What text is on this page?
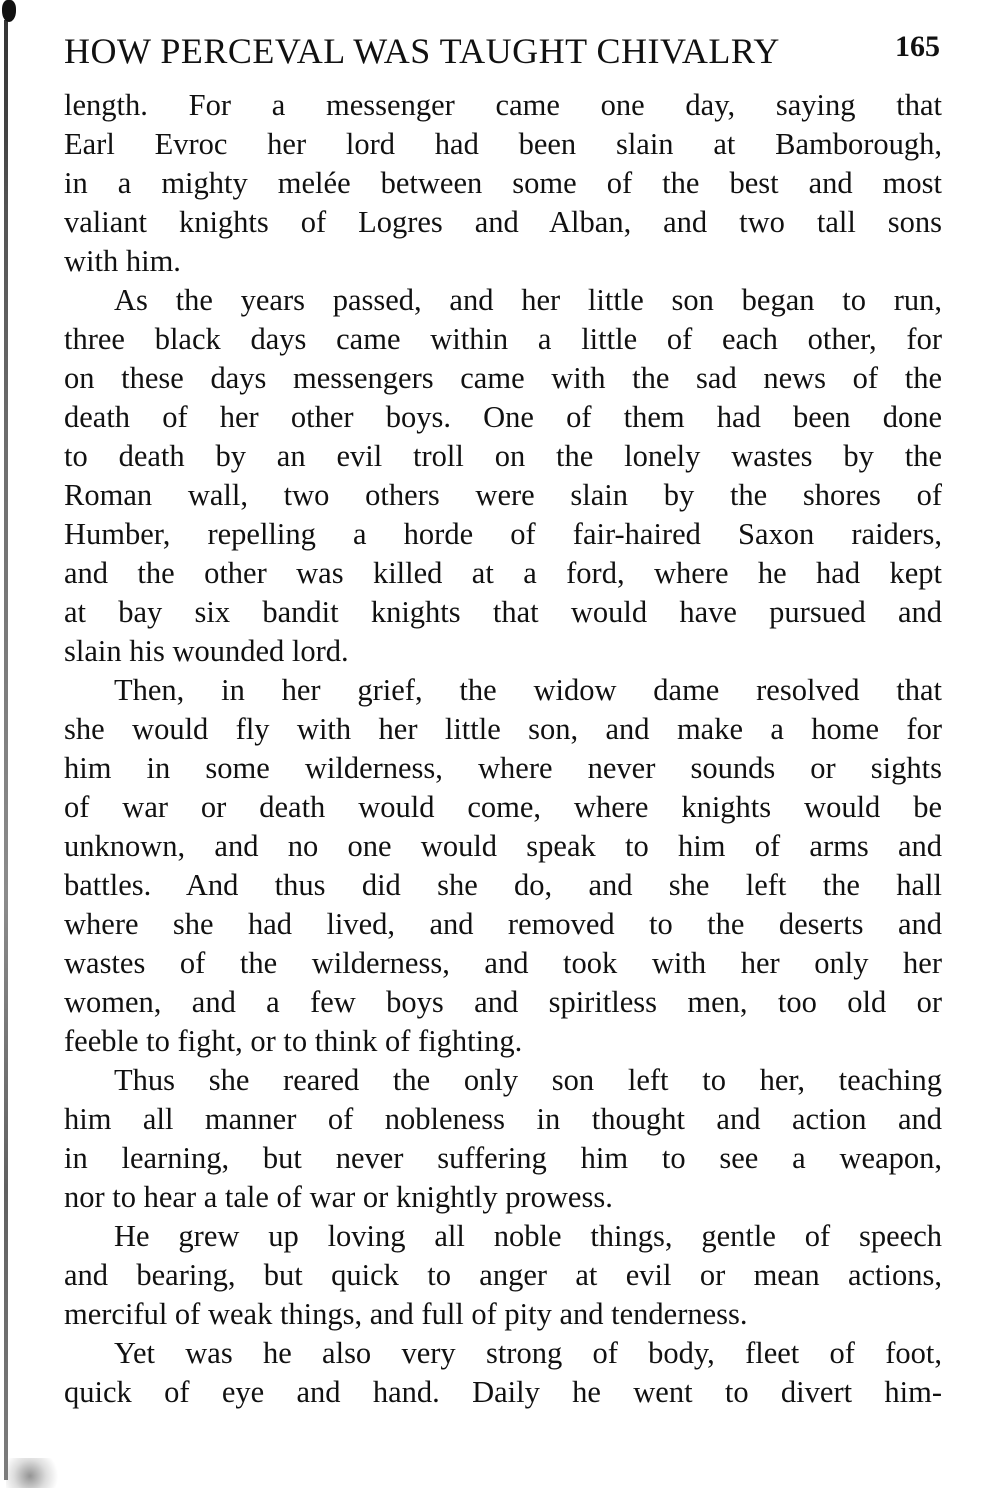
HOW PERCEVAL WAS TAUGHT CHIVALRY	165
length. For a messenger came one day, saying that
Earl Evroc her lord had been slain at Bamborough,
in a mighty melée between some of the best and most
valiant knights of Logres and Alban, and two tall sons
with him.
As the years passed, and her little son began to run,
three black days came within a little of each other, for
on these days messengers came with the sad news of the
death of her other boys. One of them had been done
to death by an evil troll on the lonely wastes by the
Roman wall, two others were slain by the shores of
Humber, repelling a horde of fair-haired Saxon raiders,
and the other was killed at a ford, where he had kept
at bay six bandit knights that would have pursued and
slain his wounded lord.
Then, in her grief, the widow dame resolved that
she would fly with her little son, and make a home for
him in some wilderness, where never sounds or sights
of war or death would come, where knights would be
unknown, and no one would speak to him of arms and
battles. And thus did she do, and she left the hall
where she had lived, and removed to the deserts and
wastes of the wilderness, and took with her only her
women, and a few boys and spiritless men, too old or
feeble to fight, or to think of fighting.
Thus she reared the only son left to her, teaching
him all manner of nobleness in thought and action and
in learning, but never suffering him to see a weapon,
nor to hear a tale of war or knightly prowess.
He grew up loving all noble things, gentle of speech
and bearing, but quick to anger at evil or mean actions,
merciful of weak things, and full of pity and tenderness.
Yet was he also very strong of body, fleet of foot,
quick of eye and hand. Daily he went to divert him-
